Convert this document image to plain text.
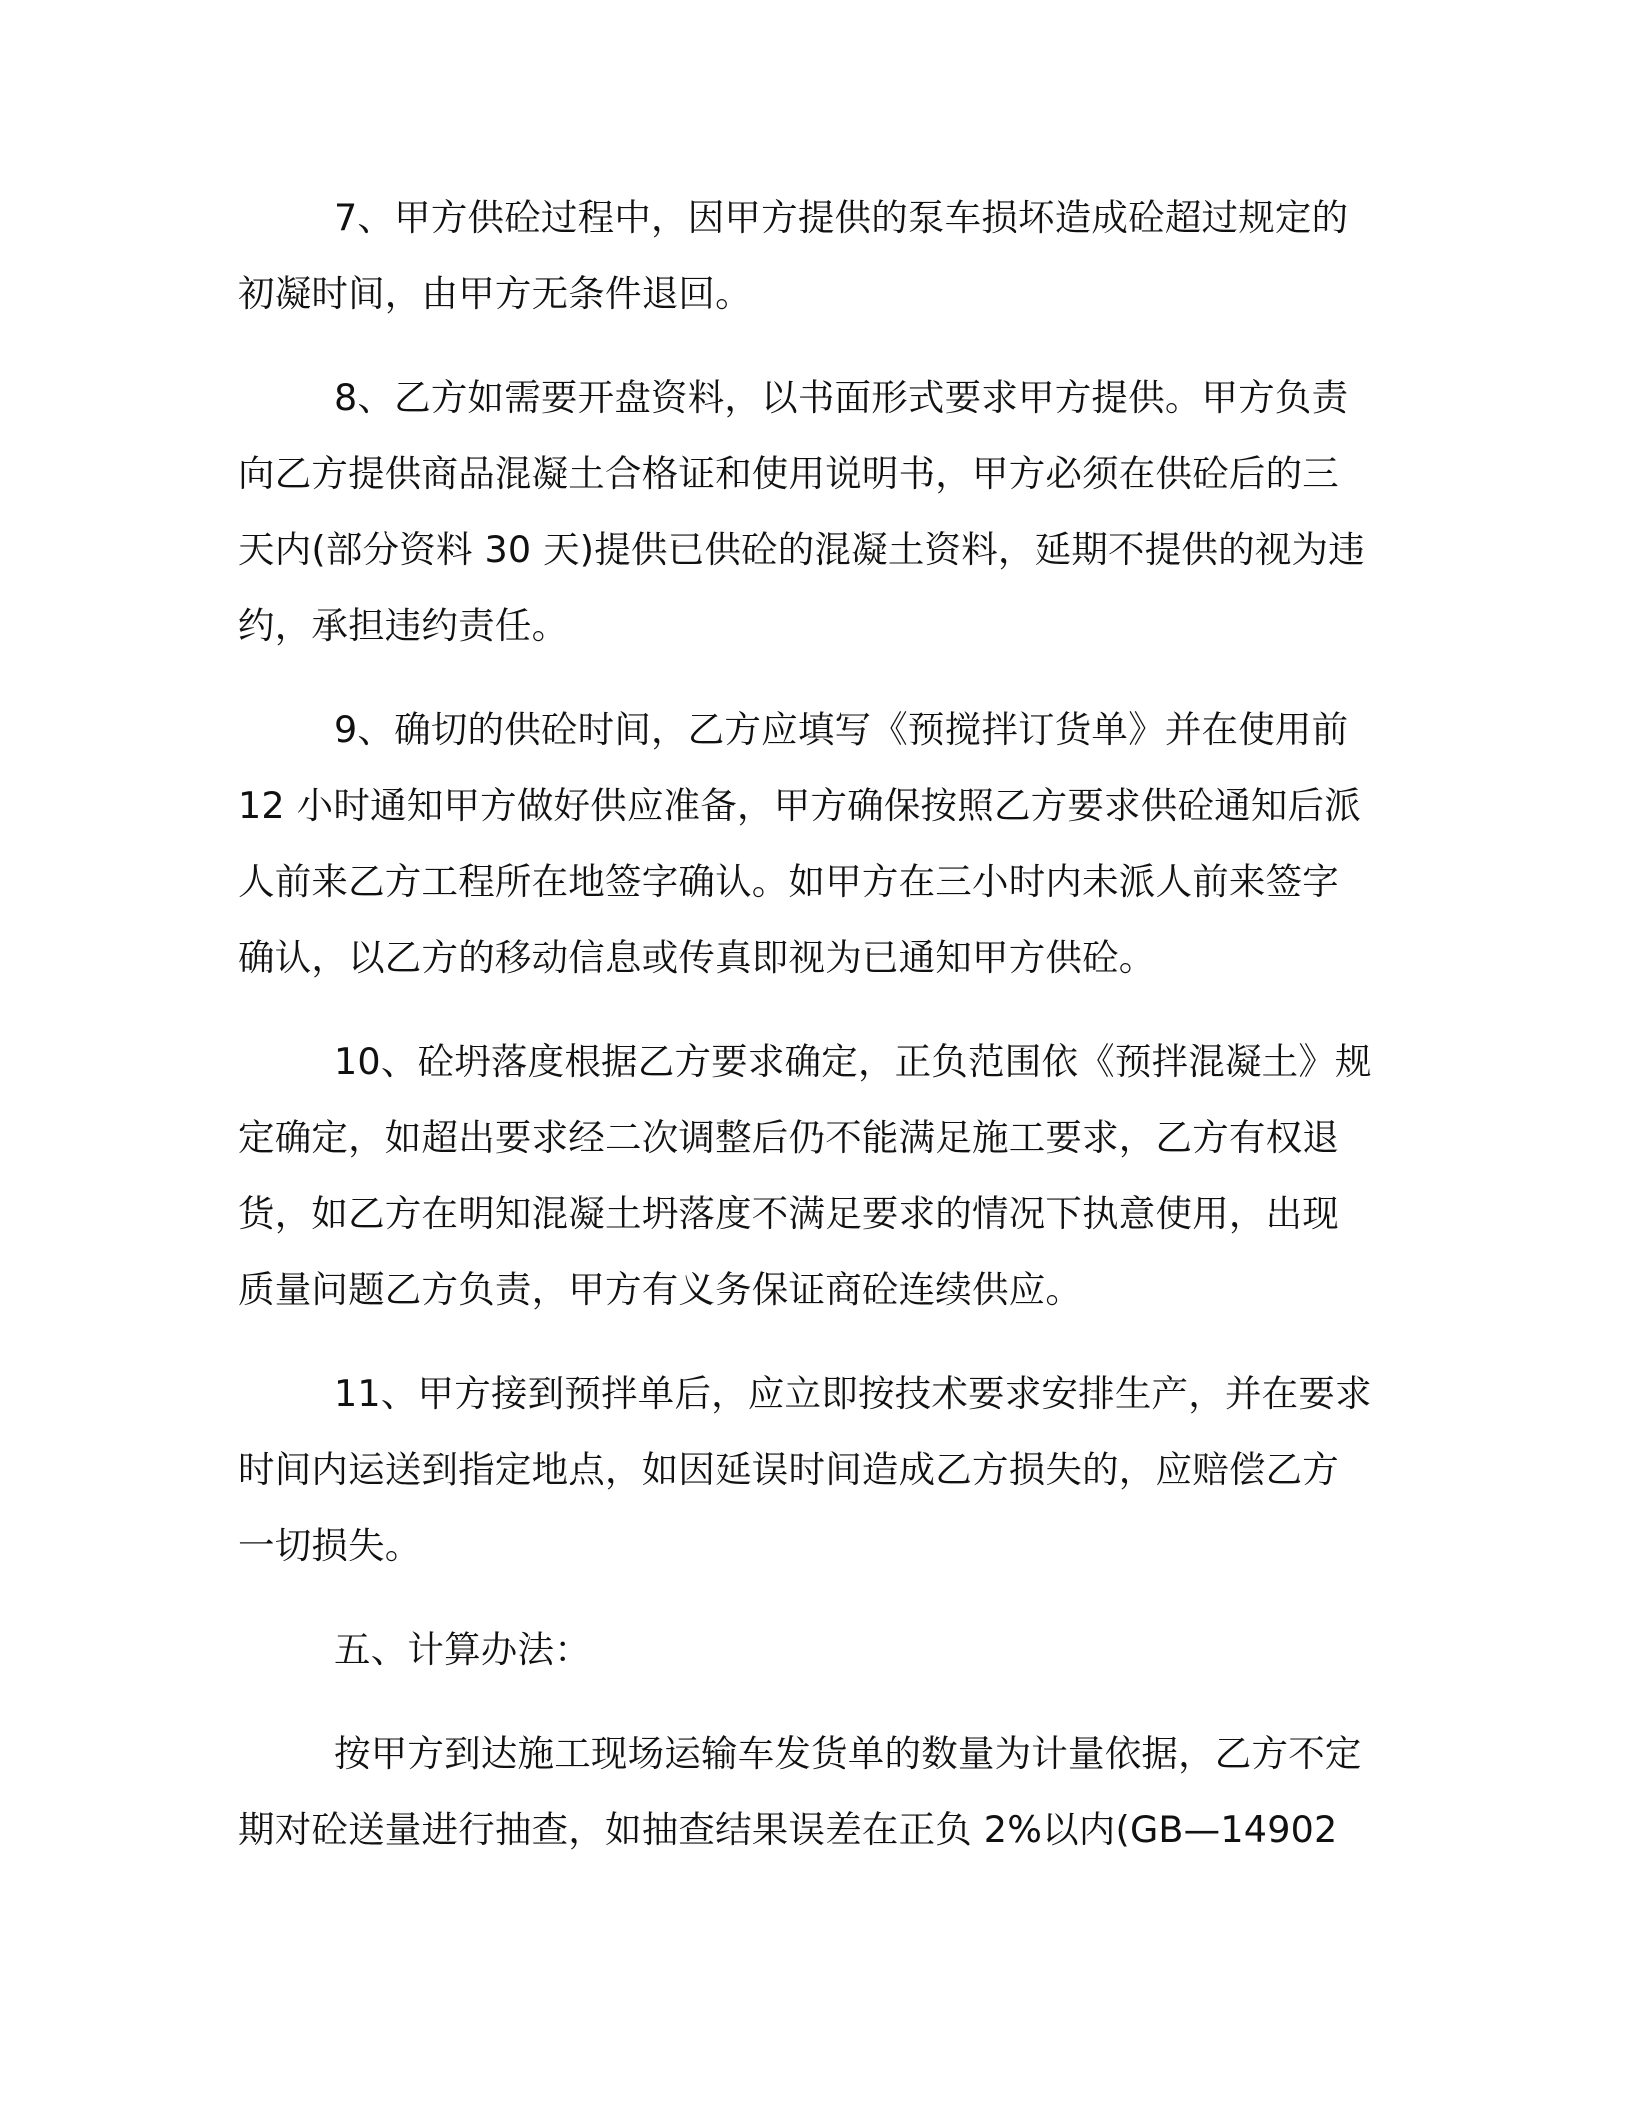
7、甲方供砼过程中，因甲方提供的泵车损坏造成砼超过规定的
初凝时间，由甲方无条件退回。
8、乙方如需要开盘资料，以书面形式要求甲方提供。甲方负责
向乙方提供商品混凝土合格证和使用说明书，甲方必须在供砼后的三
天内(部分资料 30 天)提供已供砼的混凝土资料，延期不提供的视为违
约，承担违约责任。
9、确切的供砼时间，乙方应填写《预搅拌订货单》并在使用前
12 小时通知甲方做好供应准备，甲方确保按照乙方要求供砼通知后派
人前来乙方工程所在地签字确认。如甲方在三小时内未派人前来签字
确认，以乙方的移动信息或传真即视为已通知甲方供砼。
10、砼坍落度根据乙方要求确定，正负范围依《预拌混凝土》规
定确定，如超出要求经二次调整后仍不能满足施工要求，乙方有权退
货，如乙方在明知混凝土坍落度不满足要求的情况下执意使用，出现
质量问题乙方负责，甲方有义务保证商砼连续供应。
11、甲方接到预拌单后，应立即按技术要求安排生产，并在要求
时间内运送到指定地点，如因延误时间造成乙方损失的，应赔偿乙方
一切损失。
五、计算办法：
按甲方到达施工现场运输车发货单的数量为计量依据，乙方不定
期对砼送量进行抽查，如抽查结果误差在正负 2%以内(GB—14902
